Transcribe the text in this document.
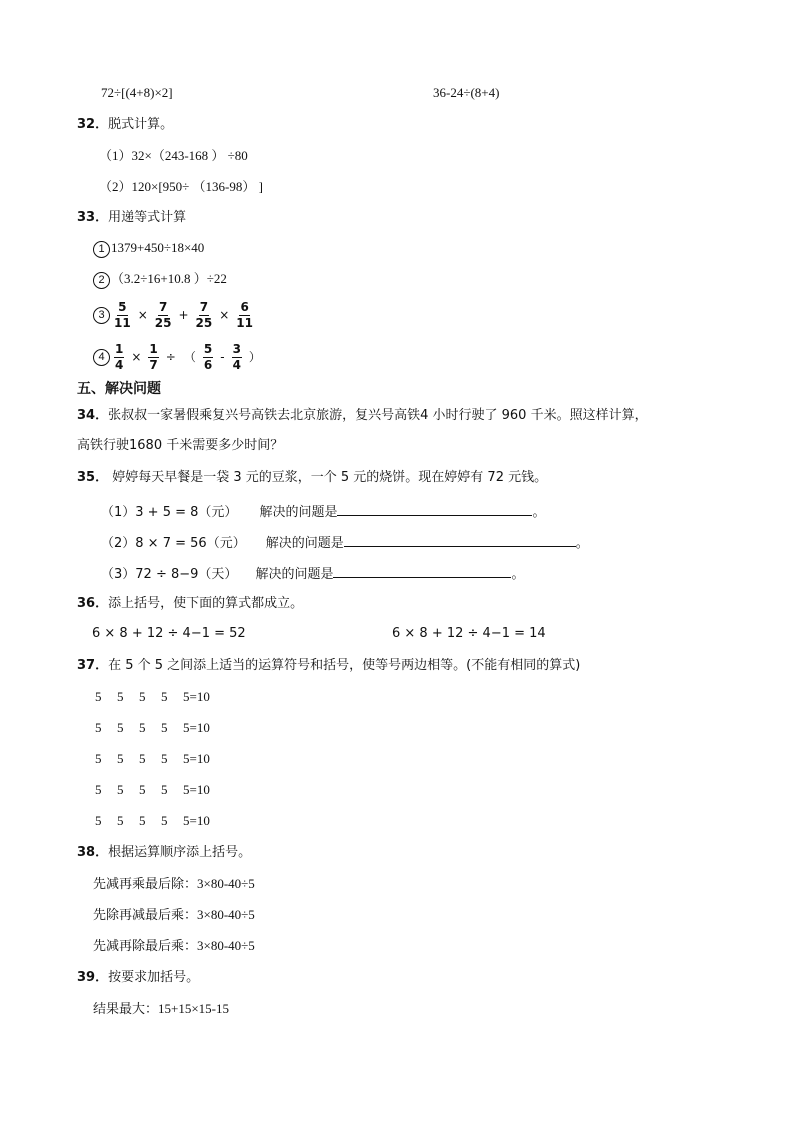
72÷[(4+8)×2]	36-24÷(8+4)
32．脱式计算。
（1）32×（243-168 ） ÷80
（2）120×[950÷ （136-98） ]
33．用递等式计算
1 1379+450÷18×40
2 （3.2÷16+10.8 ）÷22
$3 \frac{5}{11} \times \frac{7}{25} + \frac{7}{25} \times \frac{6}{11}$
$4 \frac{1}{4} \times \frac{1}{7}$ ÷ （ $\frac{5}{6} - \frac{3}{4}$ ）
五、解决问题
34．张叔叔一家暑假乘复兴号高铁去北京旅游，复兴号高铁4 小时行驶了 960 千米。照这样计算，
高铁行驶1680 千米需要多少时间？
35． 婷婷每天早餐是一袋 3 元的豆浆，一个 5 元的烧饼。现在婷婷有 72 元钱。
（1）3 + 5 = 8（元） 解决的问题是	。
（2）8 × 7 = 56（元） 解决的问题是	。
（3）72 ÷ 8−9（天） 解决的问题是	。
36．添上括号，使下面的算式都成立。
6 × 8 + 12 ÷ 4−1 = 52	6 × 8 + 12 ÷ 4−1 = 14
37．在 5 个 5 之间添上适当的运算符号和括号，使等号两边相等。(不能有相同的算式)
5 5 5 5 5=10
5 5 5 5 5=10
5 5 5 5 5=10
5 5 5 5 5=10
5 5 5 5 5=10
38．根据运算顺序添上括号。
先减再乘最后除：3×80-40÷5
先除再减最后乘：3×80-40÷5
先减再除最后乘：3×80-40÷5
39．按要求加括号。
结果最大：15+15×15-15
